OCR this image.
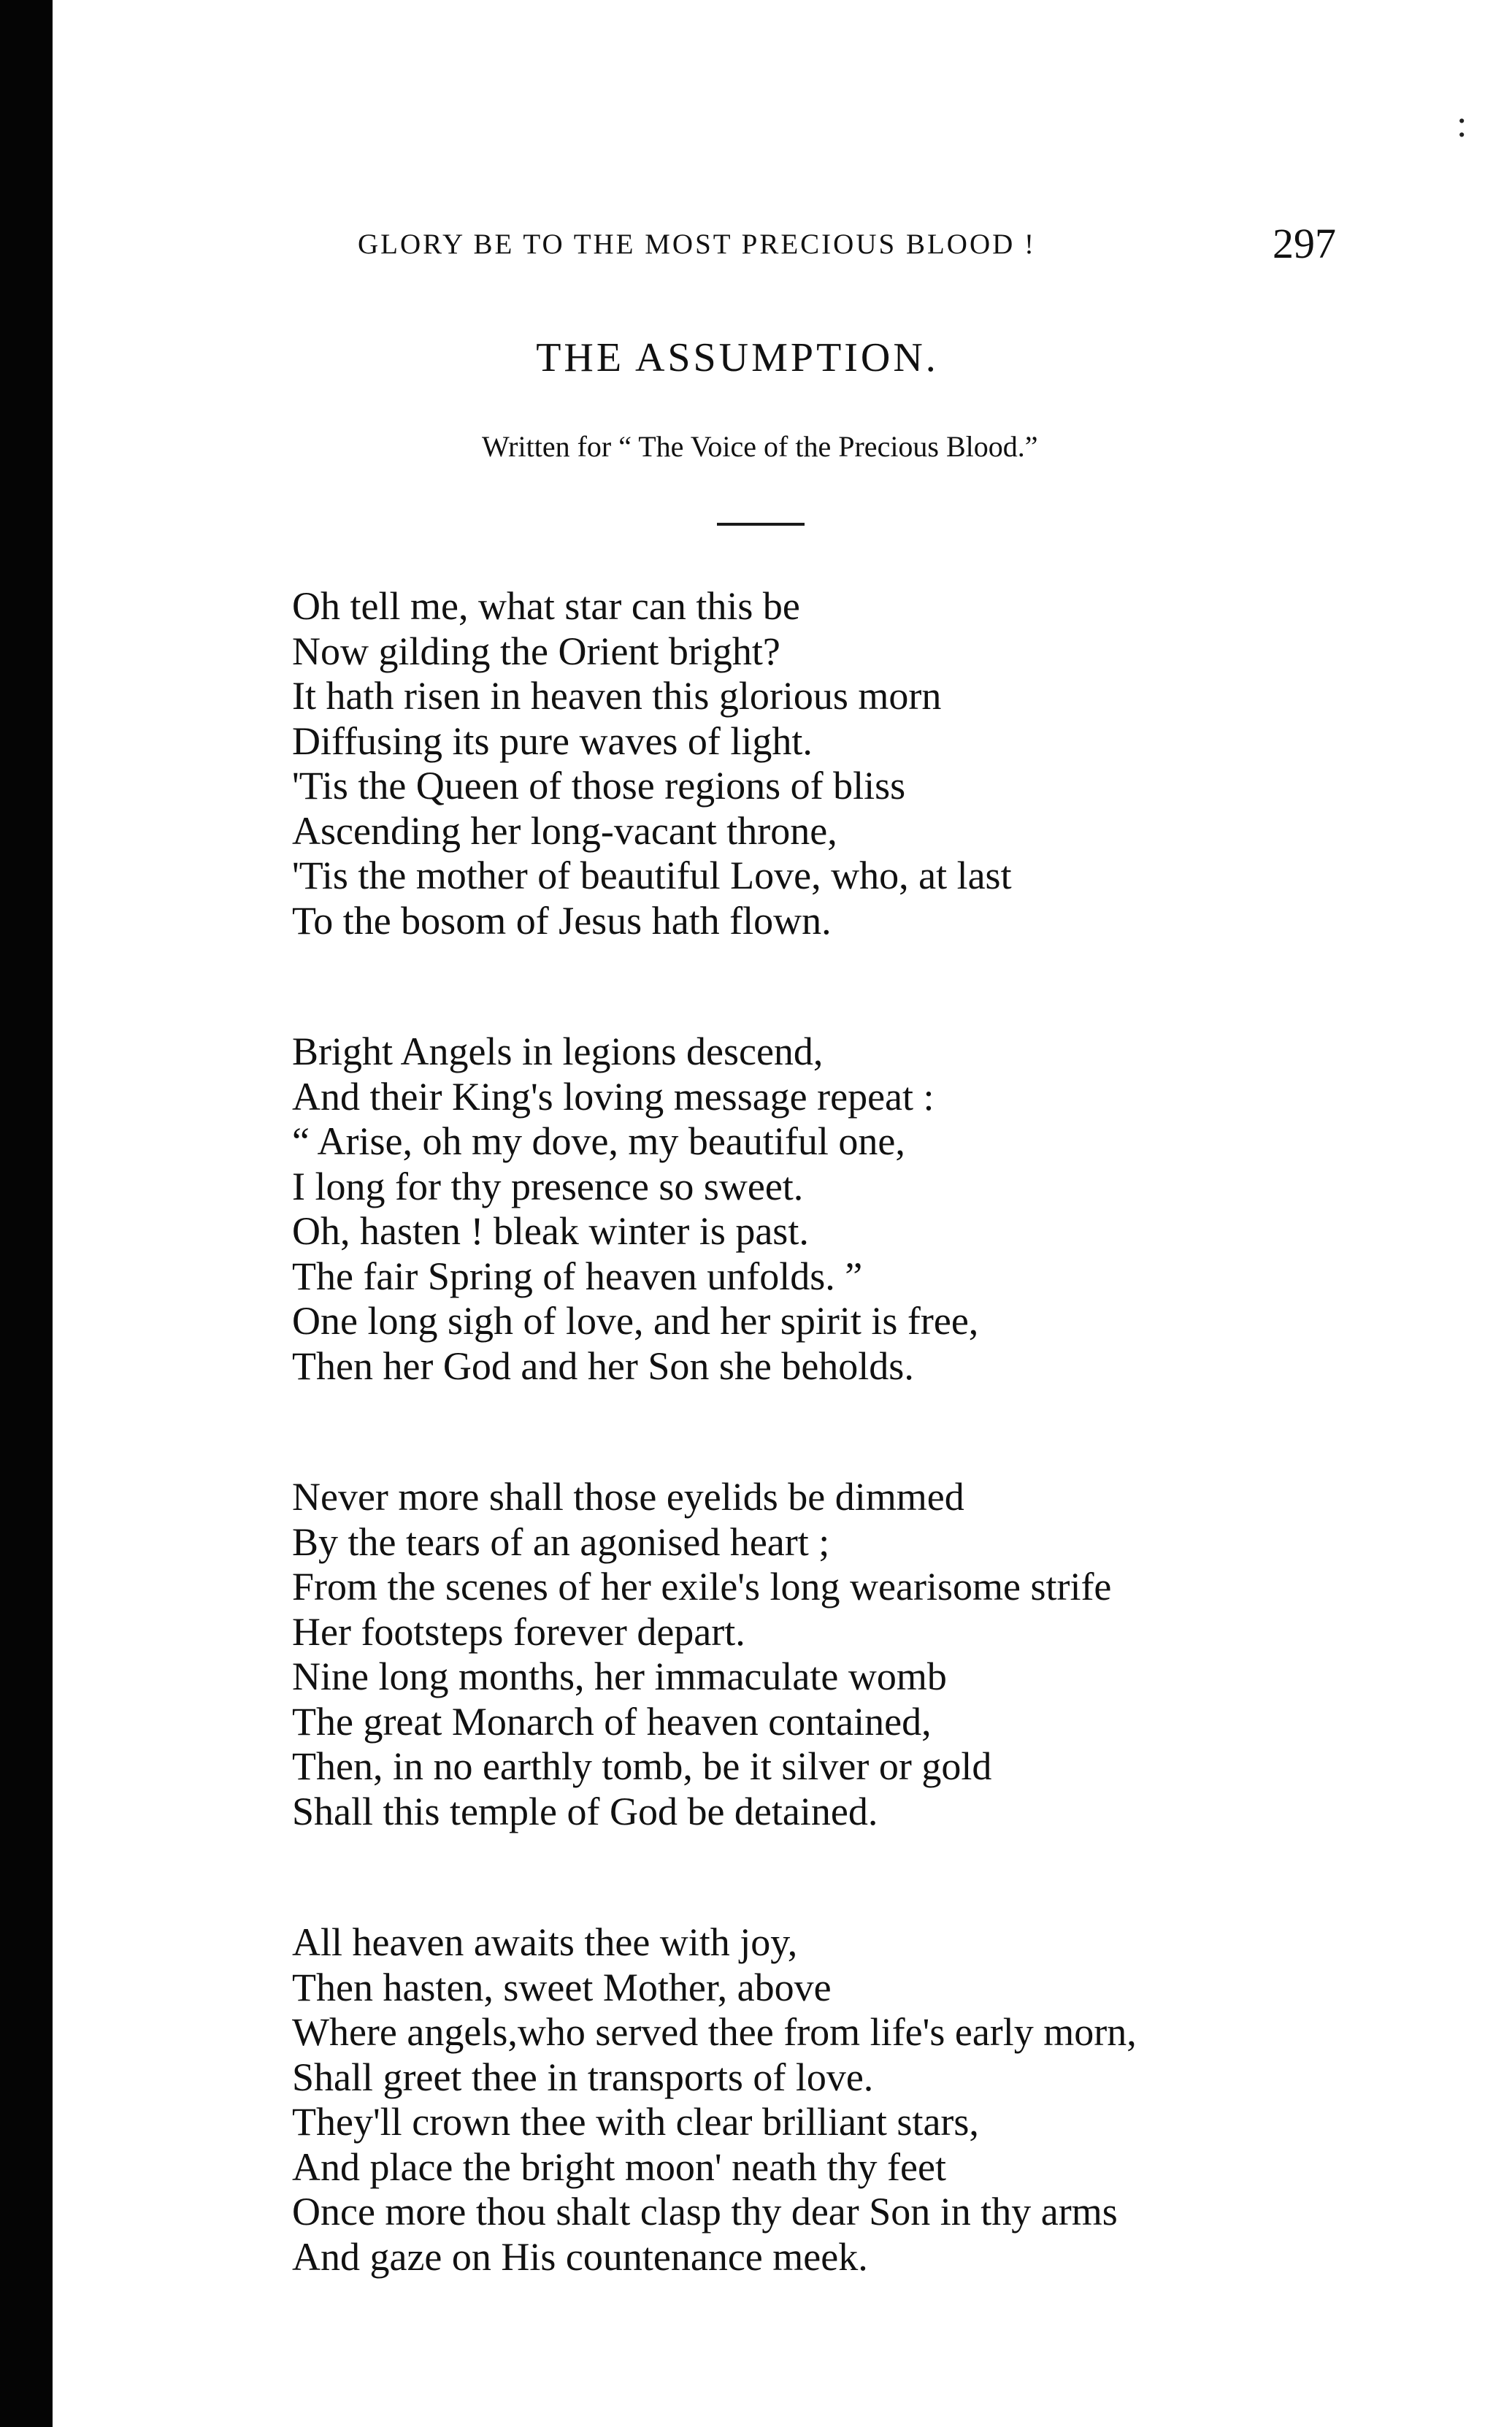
:
GLORY BE TO THE MOST PRECIOUS BLOOD !	297
THE ASSUMPTION.
Written for “ The Voice of the Precious Blood.”
Oh tell me, what star can this be
Now gilding the Orient bright?
It hath risen in heaven this glorious morn
Diffusing its pure waves of light.
'Tis the Queen of those regions of bliss
Ascending her long-vacant throne,
'Tis the mother of beautiful Love, who, at last
To the bosom of Jesus hath flown.
Bright Angels in legions descend,
And their King's loving message repeat :
“ Arise, oh my dove, my beautiful one,
I long for thy presence so sweet.
Oh, hasten ! bleak winter is past.
The fair Spring of heaven unfolds. ”
One long sigh of love, and her spirit is free,
Then her God and her Son she beholds.
Never more shall those eyelids be dimmed
By the tears of an agonised heart ;
From the scenes of her exile's long wearisome strife
Her footsteps forever depart.
Nine long months, her immaculate womb
The great Monarch of heaven contained,
Then, in no earthly tomb, be it silver or gold
Shall this temple of God be detained.
All heaven awaits thee with joy,
Then hasten, sweet Mother, above
Where angels,who served thee from life's early morn,
Shall greet thee in transports of love.
They'll crown thee with clear brilliant stars,
And place the bright moon' neath thy feet
Once more thou shalt clasp thy dear Son in thy arms
And gaze on His countenance meek.
